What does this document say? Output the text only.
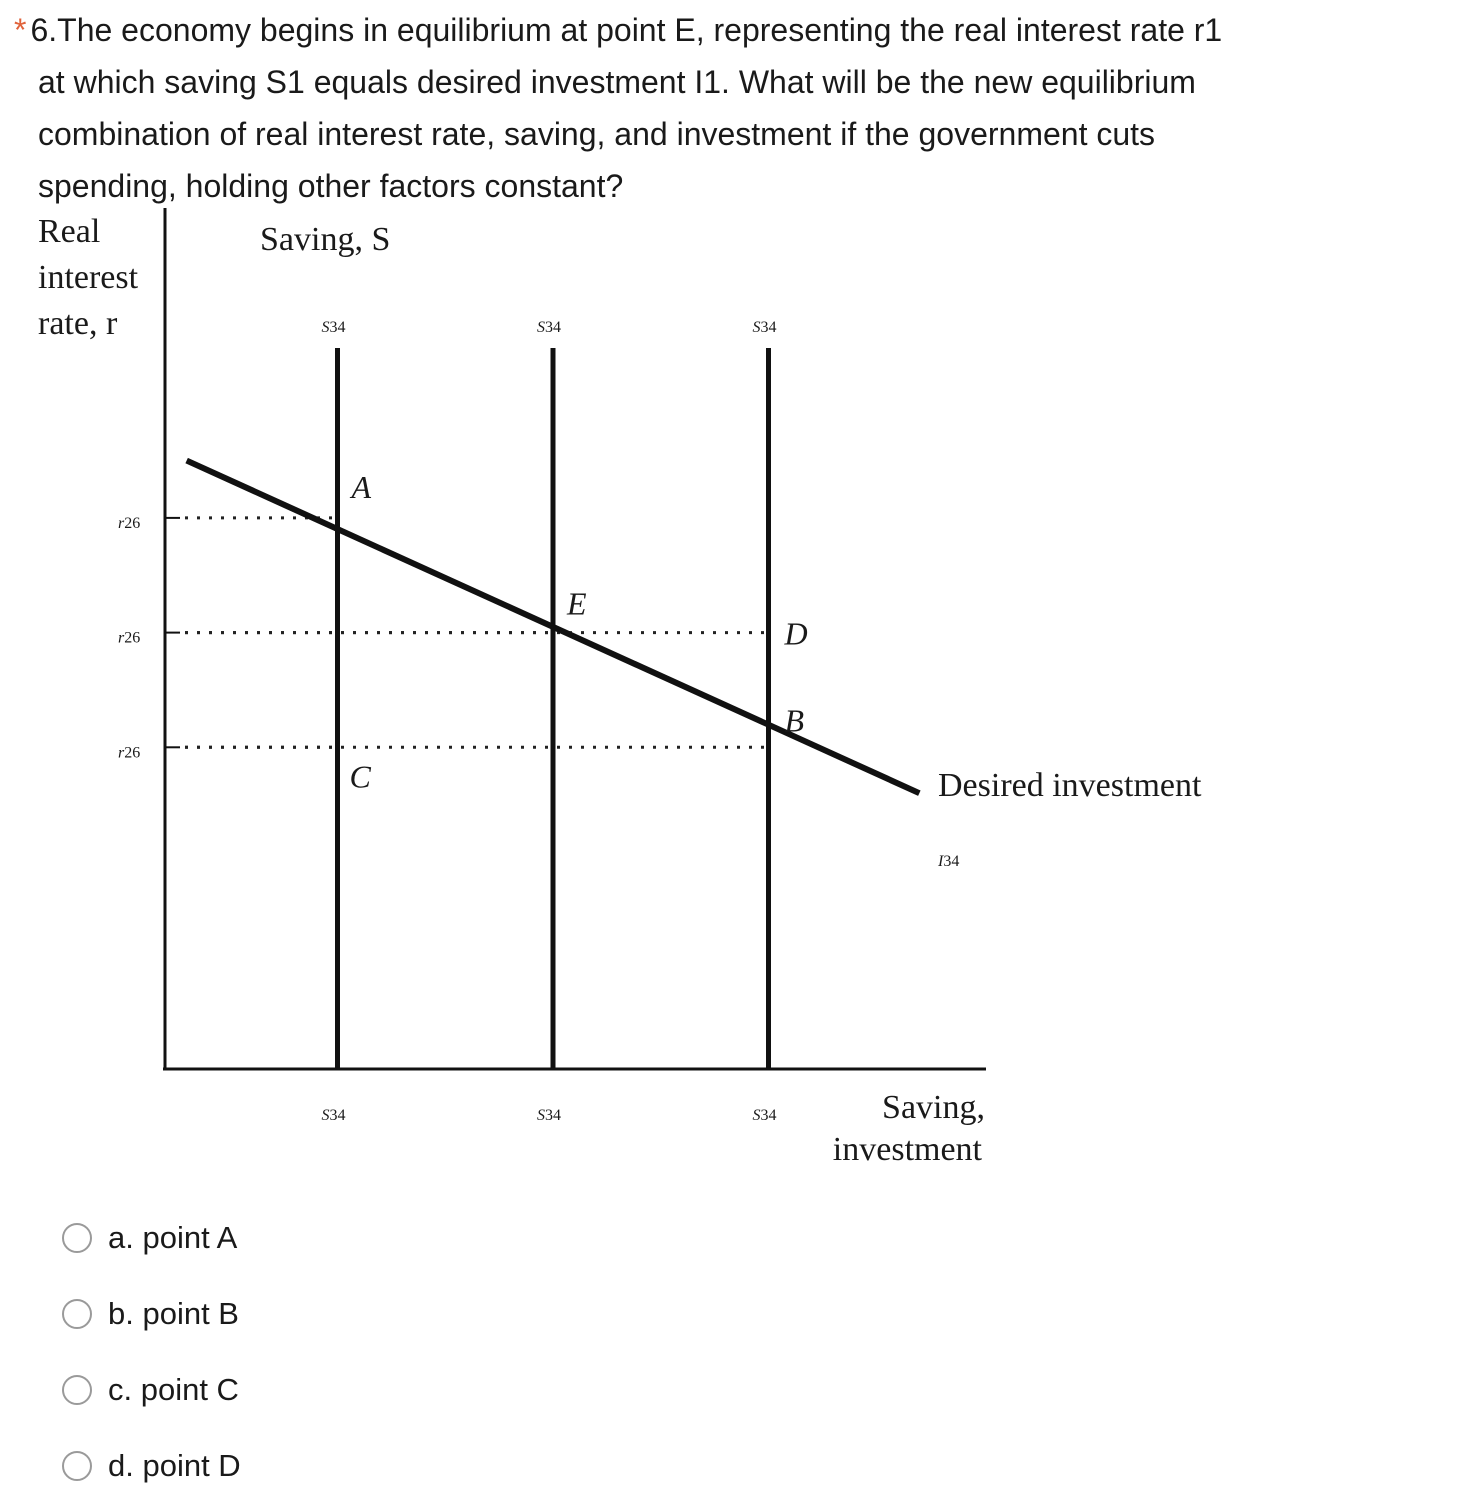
* 6.The economy begins in equilibrium at point E, representing the real interest rate r1
at which saving S1 equals desired investment I1. What will be the new equilibrium
combination of real interest rate, saving, and investment if the government cuts
spending, holding other factors constant?
r26
r26
r26
S34
S34
S34
S34
S34
S34
Desired investment
I34
A
E
D
B
C
Real
interest
rate, r
Saving,
investment
Saving, S
a. point A
b. point B
c. point C
d. point D
